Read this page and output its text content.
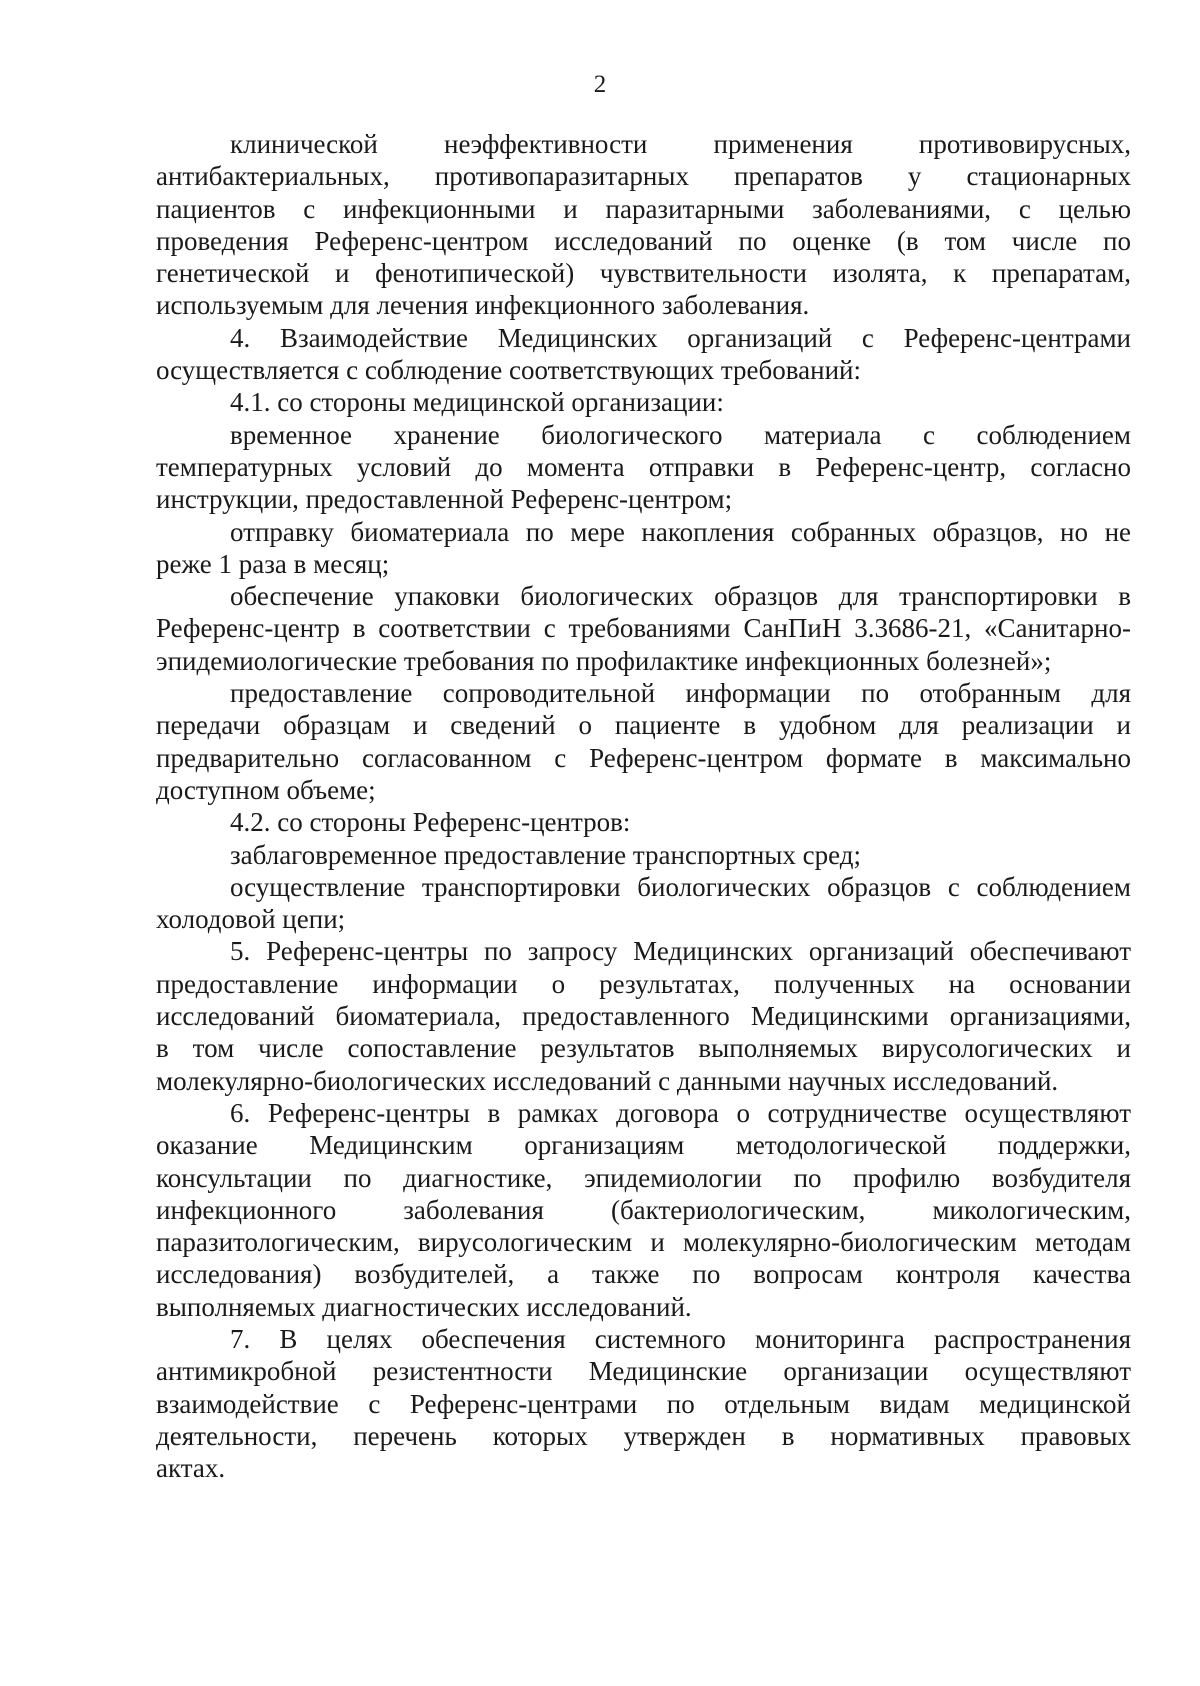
2
клинической неэффективности применения противовирусных,
антибактериальных, противопаразитарных препаратов у стационарных
пациентов с инфекционными и паразитарными заболеваниями, с целью
проведения Референс-центром исследований по оценке (в том числе по
генетической и фенотипической) чувствительности изолята, к препаратам,
используемым для лечения инфекционного заболевания.
4. Взаимодействие Медицинских организаций с Референс-центрами
осуществляется с соблюдение соответствующих требований:
4.1. со стороны медицинской организации:
временное хранение биологического материала с соблюдением
температурных условий до момента отправки в Референс-центр, согласно
инструкции, предоставленной Референс-центром;
отправку биоматериала по мере накопления собранных образцов, но не
реже 1 раза в месяц;
обеспечение упаковки биологических образцов для транспортировки в
Референс-центр в соответствии с требованиями СанПиН 3.3686-21, «Санитарно-
эпидемиологические требования по профилактике инфекционных болезней»;
предоставление сопроводительной информации по отобранным для
передачи образцам и сведений о пациенте в удобном для реализации и
предварительно согласованном с Референс-центром формате в максимально
доступном объеме;
4.2. со стороны Референс-центров:
заблаговременное предоставление транспортных сред;
осуществление транспортировки биологических образцов с соблюдением
холодовой цепи;
5. Референс-центры по запросу Медицинских организаций обеспечивают
предоставление информации о результатах, полученных на основании
исследований биоматериала, предоставленного Медицинскими организациями,
в том числе сопоставление результатов выполняемых вирусологических и
молекулярно-биологических исследований с данными научных исследований.
6. Референс-центры в рамках договора о сотрудничестве осуществляют
оказание Медицинским организациям методологической поддержки,
консультации по диагностике, эпидемиологии по профилю возбудителя
инфекционного заболевания (бактериологическим, микологическим,
паразитологическим, вирусологическим и молекулярно-биологическим методам
исследования) возбудителей, а также по вопросам контроля качества
выполняемых диагностических исследований.
7. В целях обеспечения системного мониторинга распространения
антимикробной резистентности Медицинские организации осуществляют
взаимодействие с Референс-центрами по отдельным видам медицинской
деятельности, перечень которых утвержден в нормативных правовых
актах.
